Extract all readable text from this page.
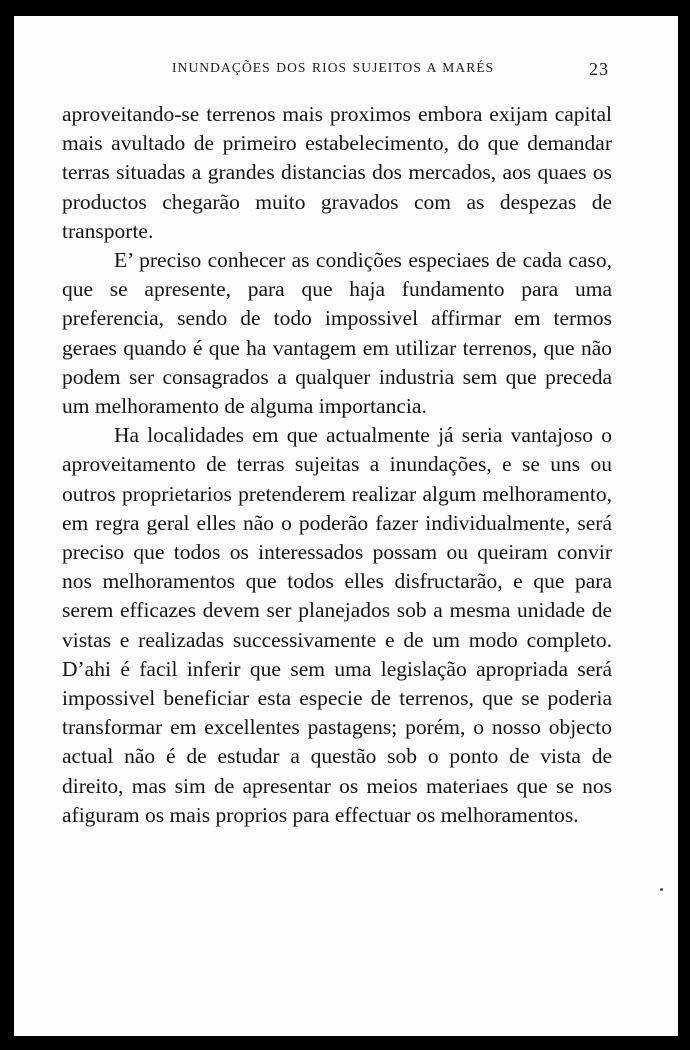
INUNDAÇÕES DOS RIOS SUJEITOS A MARÉS	23

aproveitando-se terrenos mais proximos embora exijam capital mais avultado de primeiro estabelecimento, do que demandar terras situadas a grandes distancias dos mercados, aos quaes os productos chegarão muito gravados com as despezas de transporte.

E’ preciso conhecer as condições especiaes de cada caso, que se apresente, para que haja fundamento para uma preferencia, sendo de todo impossivel affirmar em termos geraes quando é que ha vantagem em utilizar terrenos, que não podem ser consagrados a qualquer industria sem que preceda um melhoramento de alguma importancia.

Ha localidades em que actualmente já seria vantajoso o aproveitamento de terras sujeitas a inundações, e se uns ou outros proprietarios pretenderem realizar algum melhoramento, em regra geral elles não o poderão fazer individualmente, será preciso que todos os interessados possam ou queiram convir nos melhoramentos que todos elles disfructarão, e que para serem efficazes devem ser planejados sob a mesma unidade de vistas e realizadas successivamente e de um modo completo. D’ahi é facil inferir que sem uma legislação apropriada será impossivel beneficiar esta especie de terrenos, que se poderia transformar em excellentes pastagens; porém, o nosso objecto actual não é de estudar a questão sob o ponto de vista de direito, mas sim de apresentar os meios materiaes que se nos afiguram os mais proprios para effectuar os melhoramentos.
